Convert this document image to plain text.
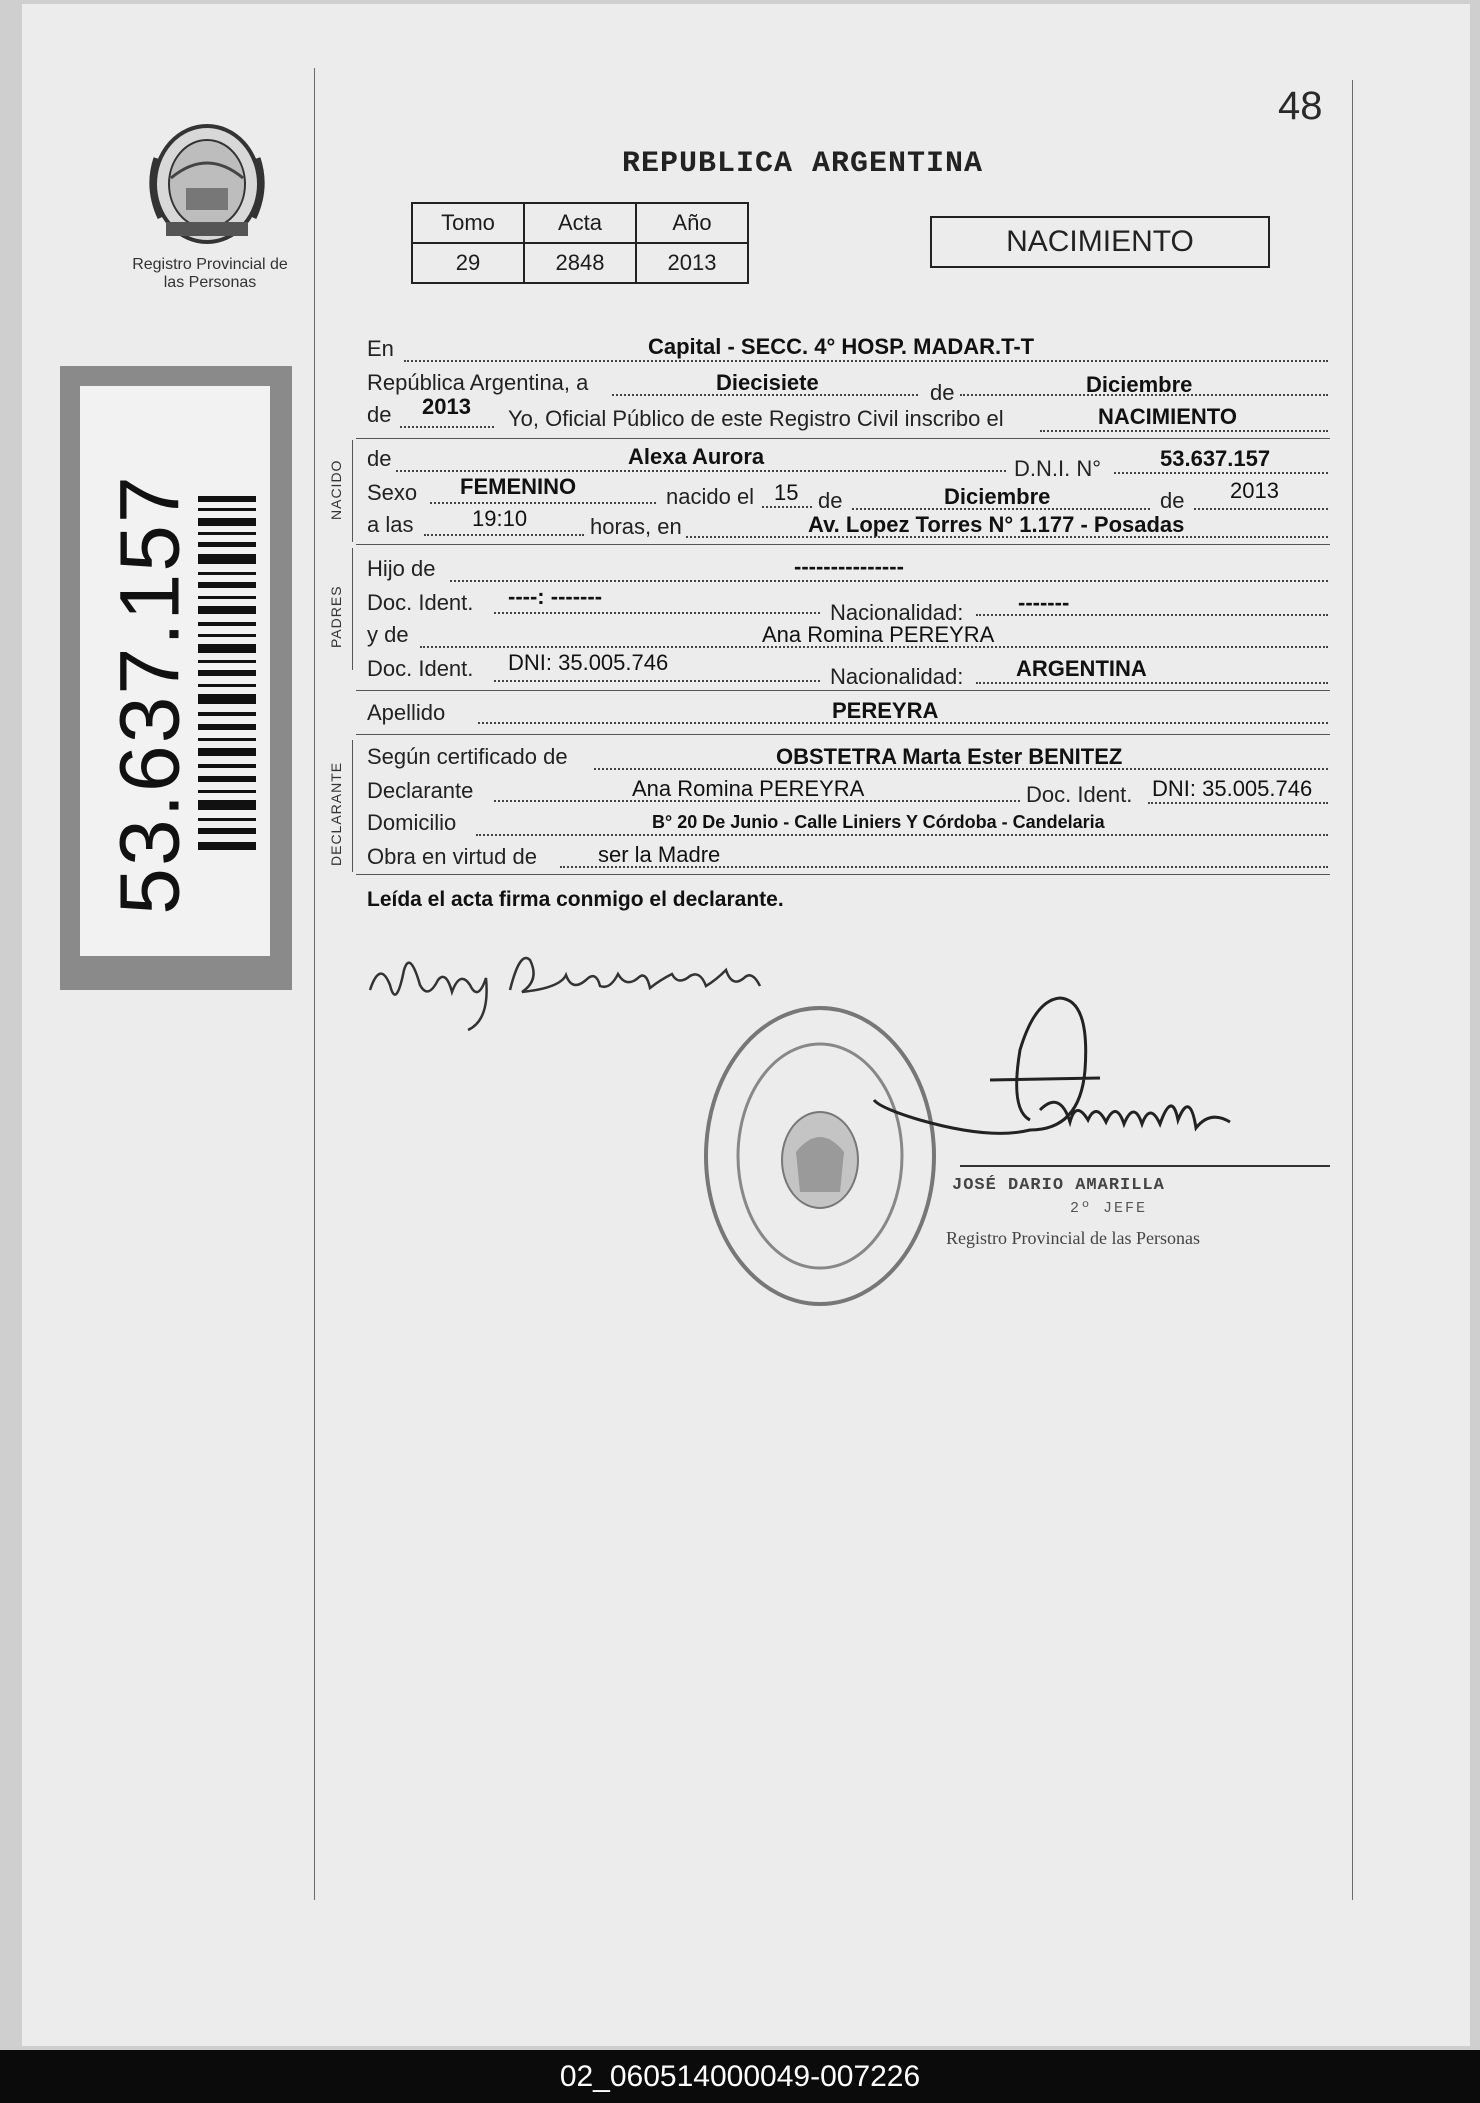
Registro Provincial de las Personas
53.637.157
48
REPUBLICA ARGENTINA
Tomo	Acta	Año
29	2848	2013
NACIMIENTO
En	Capital - SECC. 4° HOSP. MADAR.T-T
República Argentina, a	Diecisiete	de	Diciembre
de 2013 Yo, Oficial Público de este Registro Civil inscribo el	NACIMIENTO
NACIDO
de	Alexa Aurora	D.N.I. N°	53.637.157
Sexo FEMENINO	nacido el 15 de	Diciembre	de 2013
a las	19:10	horas, en	Av. Lopez Torres N° 1.177 - Posadas
PADRES
Hijo de	---------------
Doc. Ident. ----: -------
Nacionalidad: -------
y de	Ana Romina PEREYRA
Doc. Ident. DNI: 35.005.746
Nacionalidad: ARGENTINA
Apellido	PEREYRA
DECLARANTE
Según certificado de	OBSTETRA Marta Ester BENITEZ
Declarante	Ana Romina PEREYRA	Doc. Ident. DNI: 35.005.746
Domicilio	B° 20 De Junio - Calle Liniers Y Córdoba - Candelaria
Obra en virtud de	ser la Madre
Leída el acta firma conmigo el declarante.
JOSÉ DARIO AMARILLA
2º JEFE
Registro Provincial de las Personas
02_060514000049-007226
